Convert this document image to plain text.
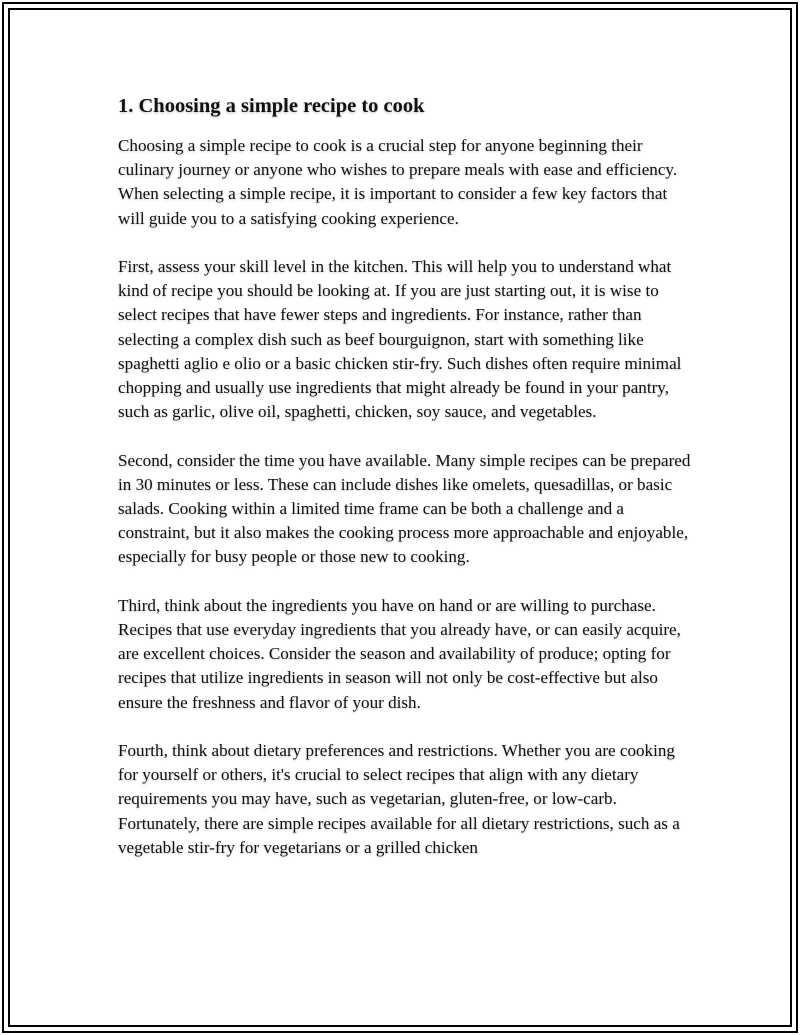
1. Choosing a simple recipe to cook

Choosing a simple recipe to cook is a crucial step for anyone beginning their culinary journey or anyone who wishes to prepare meals with ease and efficiency. When selecting a simple recipe, it is important to consider a few key factors that will guide you to a satisfying cooking experience.

First, assess your skill level in the kitchen. This will help you to understand what kind of recipe you should be looking at. If you are just starting out, it is wise to select recipes that have fewer steps and ingredients. For instance, rather than selecting a complex dish such as beef bourguignon, start with something like spaghetti aglio e olio or a basic chicken stir-fry. Such dishes often require minimal chopping and usually use ingredients that might already be found in your pantry, such as garlic, olive oil, spaghetti, chicken, soy sauce, and vegetables.

Second, consider the time you have available. Many simple recipes can be prepared in 30 minutes or less. These can include dishes like omelets, quesadillas, or basic salads. Cooking within a limited time frame can be both a challenge and a constraint, but it also makes the cooking process more approachable and enjoyable, especially for busy people or those new to cooking.

Third, think about the ingredients you have on hand or are willing to purchase. Recipes that use everyday ingredients that you already have, or can easily acquire, are excellent choices. Consider the season and availability of produce; opting for recipes that utilize ingredients in season will not only be cost-effective but also ensure the freshness and flavor of your dish.

Fourth, think about dietary preferences and restrictions. Whether you are cooking for yourself or others, it's crucial to select recipes that align with any dietary requirements you may have, such as vegetarian, gluten-free, or low-carb. Fortunately, there are simple recipes available for all dietary restrictions, such as a vegetable stir-fry for vegetarians or a grilled chicken
